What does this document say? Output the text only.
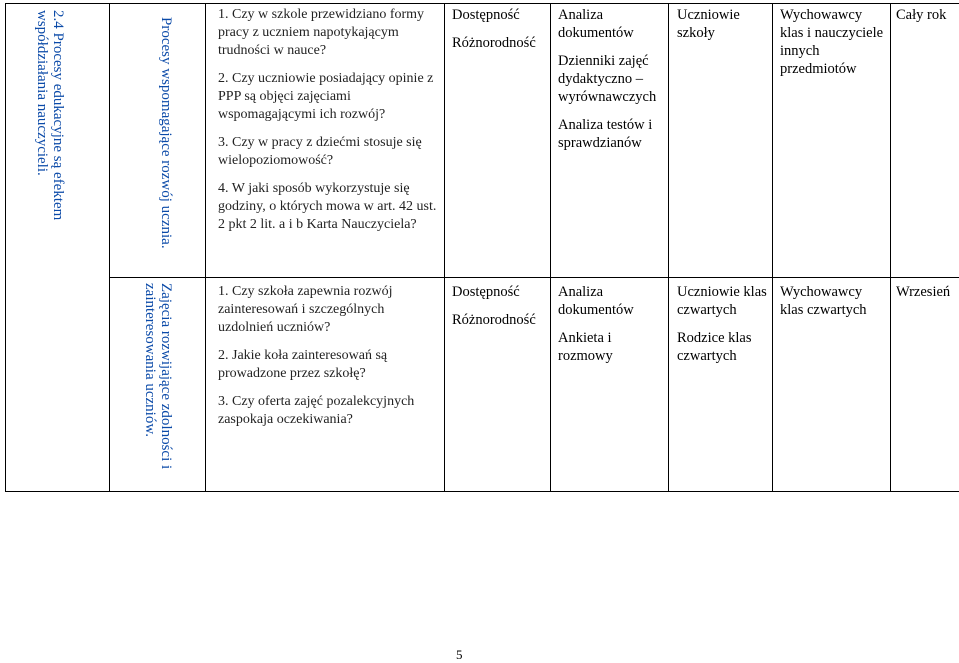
2.4 Procesy edukacyjne są efektem
współdziałania nauczycieli.	Procesy wspomagające rozwój ucznia.
Zajęcia rozwijające zdolności i
zainteresowania uczniów.

1. Czy w szkole przewidziano formy pracy z uczniem napotykającym trudności w nauce?

2. Czy uczniowie posiadający opinie z PPP są objęci zajęciami wspomagającymi ich rozwój?

3. Czy w pracy z dziećmi stosuje się wielopoziomowość?

4. W jaki sposób wykorzystuje się godziny, o których mowa w art. 42 ust. 2 pkt 2 lit. a i b Karta Nauczyciela?

Dostępność

Różnorodność

Analiza dokumentów

Dzienniki zajęć dydaktyczno – wyrównawczych

Analiza testów i sprawdzianów

Uczniowie szkoły

Wychowawcy klas i nauczyciele innych przedmiotów

Cały rok

1. Czy szkoła zapewnia rozwój zainteresowań i szczególnych uzdolnień uczniów?

2. Jakie koła zainteresowań są prowadzone przez szkołę?

3. Czy oferta zajęć pozalekcyjnych zaspokaja oczekiwania?

Dostępność

Różnorodność

Analiza dokumentów

Ankieta i rozmowy

Uczniowie klas czwartych

Rodzice klas czwartych

Wychowawcy klas czwartych

Wrzesień
5
